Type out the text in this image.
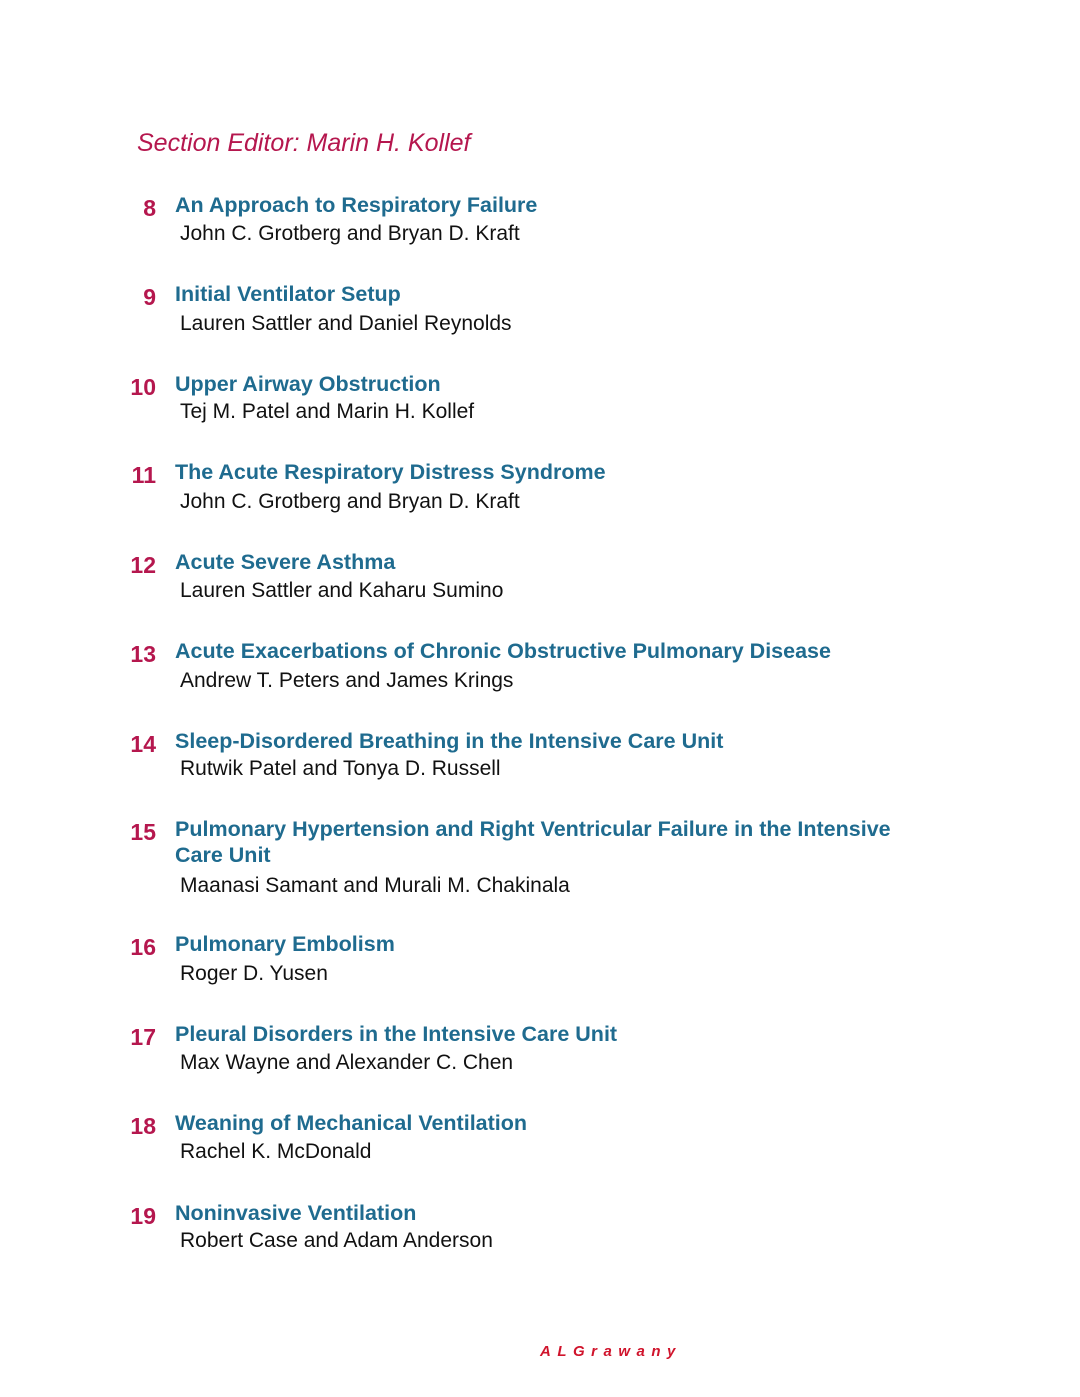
Section Editor: Marin H. Kollef
8 An Approach to Respiratory Failure
John C. Grotberg and Bryan D. Kraft
9 Initial Ventilator Setup
Lauren Sattler and Daniel Reynolds
10 Upper Airway Obstruction
Tej M. Patel and Marin H. Kollef
11 The Acute Respiratory Distress Syndrome
John C. Grotberg and Bryan D. Kraft
12 Acute Severe Asthma
Lauren Sattler and Kaharu Sumino
13 Acute Exacerbations of Chronic Obstructive Pulmonary Disease
Andrew T. Peters and James Krings
14 Sleep-Disordered Breathing in the Intensive Care Unit
Rutwik Patel and Tonya D. Russell
15 Pulmonary Hypertension and Right Ventricular Failure in the Intensive Care Unit
Maanasi Samant and Murali M. Chakinala
16 Pulmonary Embolism
Roger D. Yusen
17 Pleural Disorders in the Intensive Care Unit
Max Wayne and Alexander C. Chen
18 Weaning of Mechanical Ventilation
Rachel K. McDonald
19 Noninvasive Ventilation
Robert Case and Adam Anderson
ALGrawany
